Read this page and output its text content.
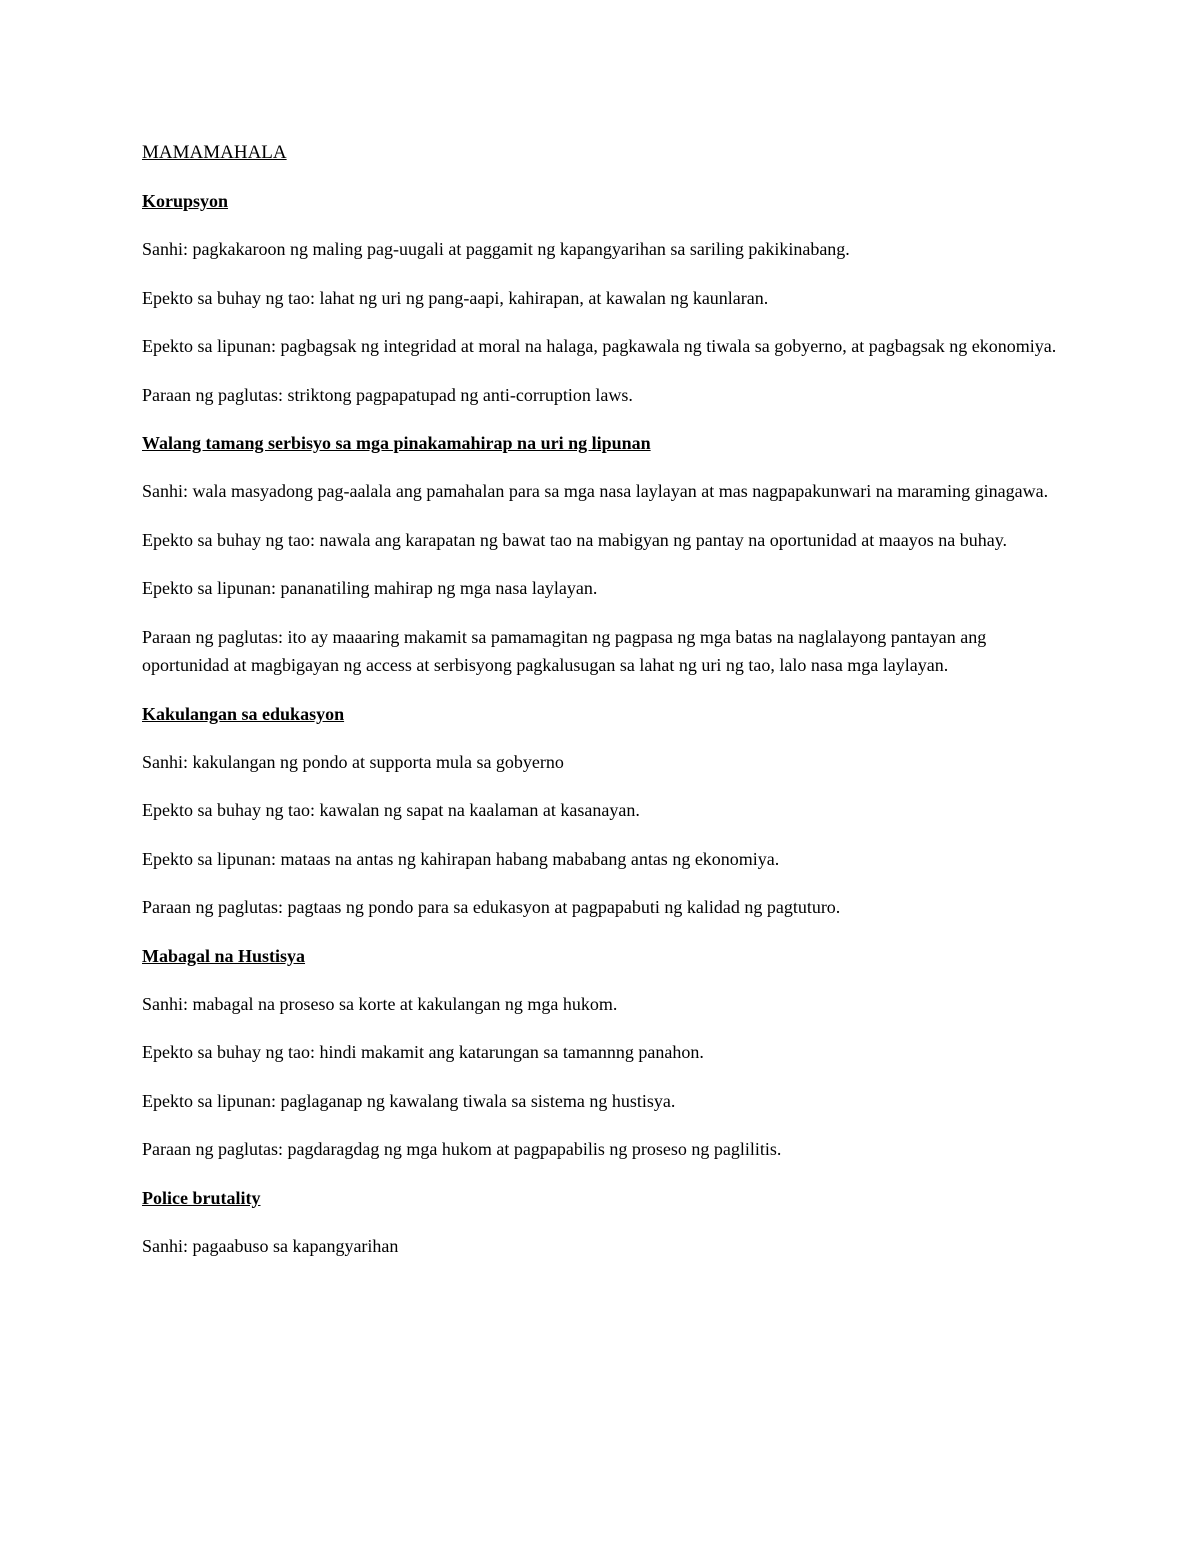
MAMAMAHALA
Korupsyon

Sanhi: pagkakaroon ng maling pag-uugali at paggamit ng kapangyarihan sa sariling pakikinabang.

Epekto sa buhay ng tao: lahat ng uri ng pang-aapi, kahirapan, at kawalan ng kaunlaran.

Epekto sa lipunan: pagbagsak ng integridad at moral na halaga, pagkawala ng tiwala sa gobyerno, at pagbagsak ng ekonomiya.

Paraan ng paglutas: striktong pagpapatupad ng anti-corruption laws.

Walang tamang serbisyo sa mga pinakamahirap na uri ng lipunan

Sanhi: wala masyadong pag-aalala ang pamahalan para sa mga nasa laylayan at mas nagpapakunwari na maraming ginagawa.

Epekto sa buhay ng tao: nawala ang karapatan ng bawat tao na mabigyan ng pantay na oportunidad at maayos na buhay.

Epekto sa lipunan: pananatiling mahirap ng mga nasa laylayan.

Paraan ng paglutas: ito ay maaaring makamit sa pamamagitan ng pagpasa ng mga batas na naglalayong pantayan ang oportunidad at magbigayan ng access at serbisyong pagkalusugan sa lahat ng uri ng tao, lalo nasa mga laylayan.

Kakulangan sa edukasyon

Sanhi: kakulangan ng pondo at supporta mula sa gobyerno

Epekto sa buhay ng tao: kawalan ng sapat na kaalaman at kasanayan.

Epekto sa lipunan: mataas na antas ng kahirapan habang mababang antas ng ekonomiya.

Paraan ng paglutas: pagtaas ng pondo para sa edukasyon at pagpapabuti ng kalidad ng pagtuturo.

Mabagal na Hustisya

Sanhi: mabagal na proseso sa korte at kakulangan ng mga hukom.

Epekto sa buhay ng tao: hindi makamit ang katarungan sa tamannng panahon.

Epekto sa lipunan: paglaganap ng kawalang tiwala sa sistema ng hustisya.

Paraan ng paglutas: pagdaragdag ng mga hukom at pagpapabilis ng proseso ng paglilitis.

Police brutality

Sanhi: pagaabuso sa kapangyarihan
